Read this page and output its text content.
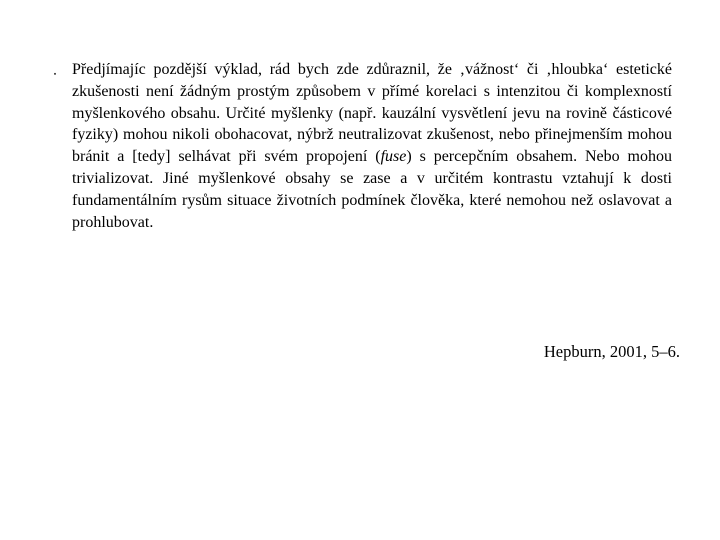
▪ Předjímajíc pozdější výklad, rád bych zde zdůraznil, že ‚vážnost‘ či ‚hloubka‘ estetické zkušenosti není žádným prostým způsobem v přímé korelaci s intenzitou či komplexností myšlenkového obsahu. Určité myšlenky (např. kauzální vysvětlení jevu na rovině částicové fyziky) mohou nikoli obohacovat, nýbrž neutralizovat zkušenost, nebo přinejmenším mohou bránit a [tedy] selhávat při svém propojení (fuse) s percepčním obsahem. Nebo mohou trivializovat. Jiné myšlenkové obsahy se zase a v určitém kontrastu vztahují k dosti fundamentálním rysům situace životních podmínek člověka, které nemohou než oslavovat a prohlubovat.

Hepburn, 2001, 5–6.
